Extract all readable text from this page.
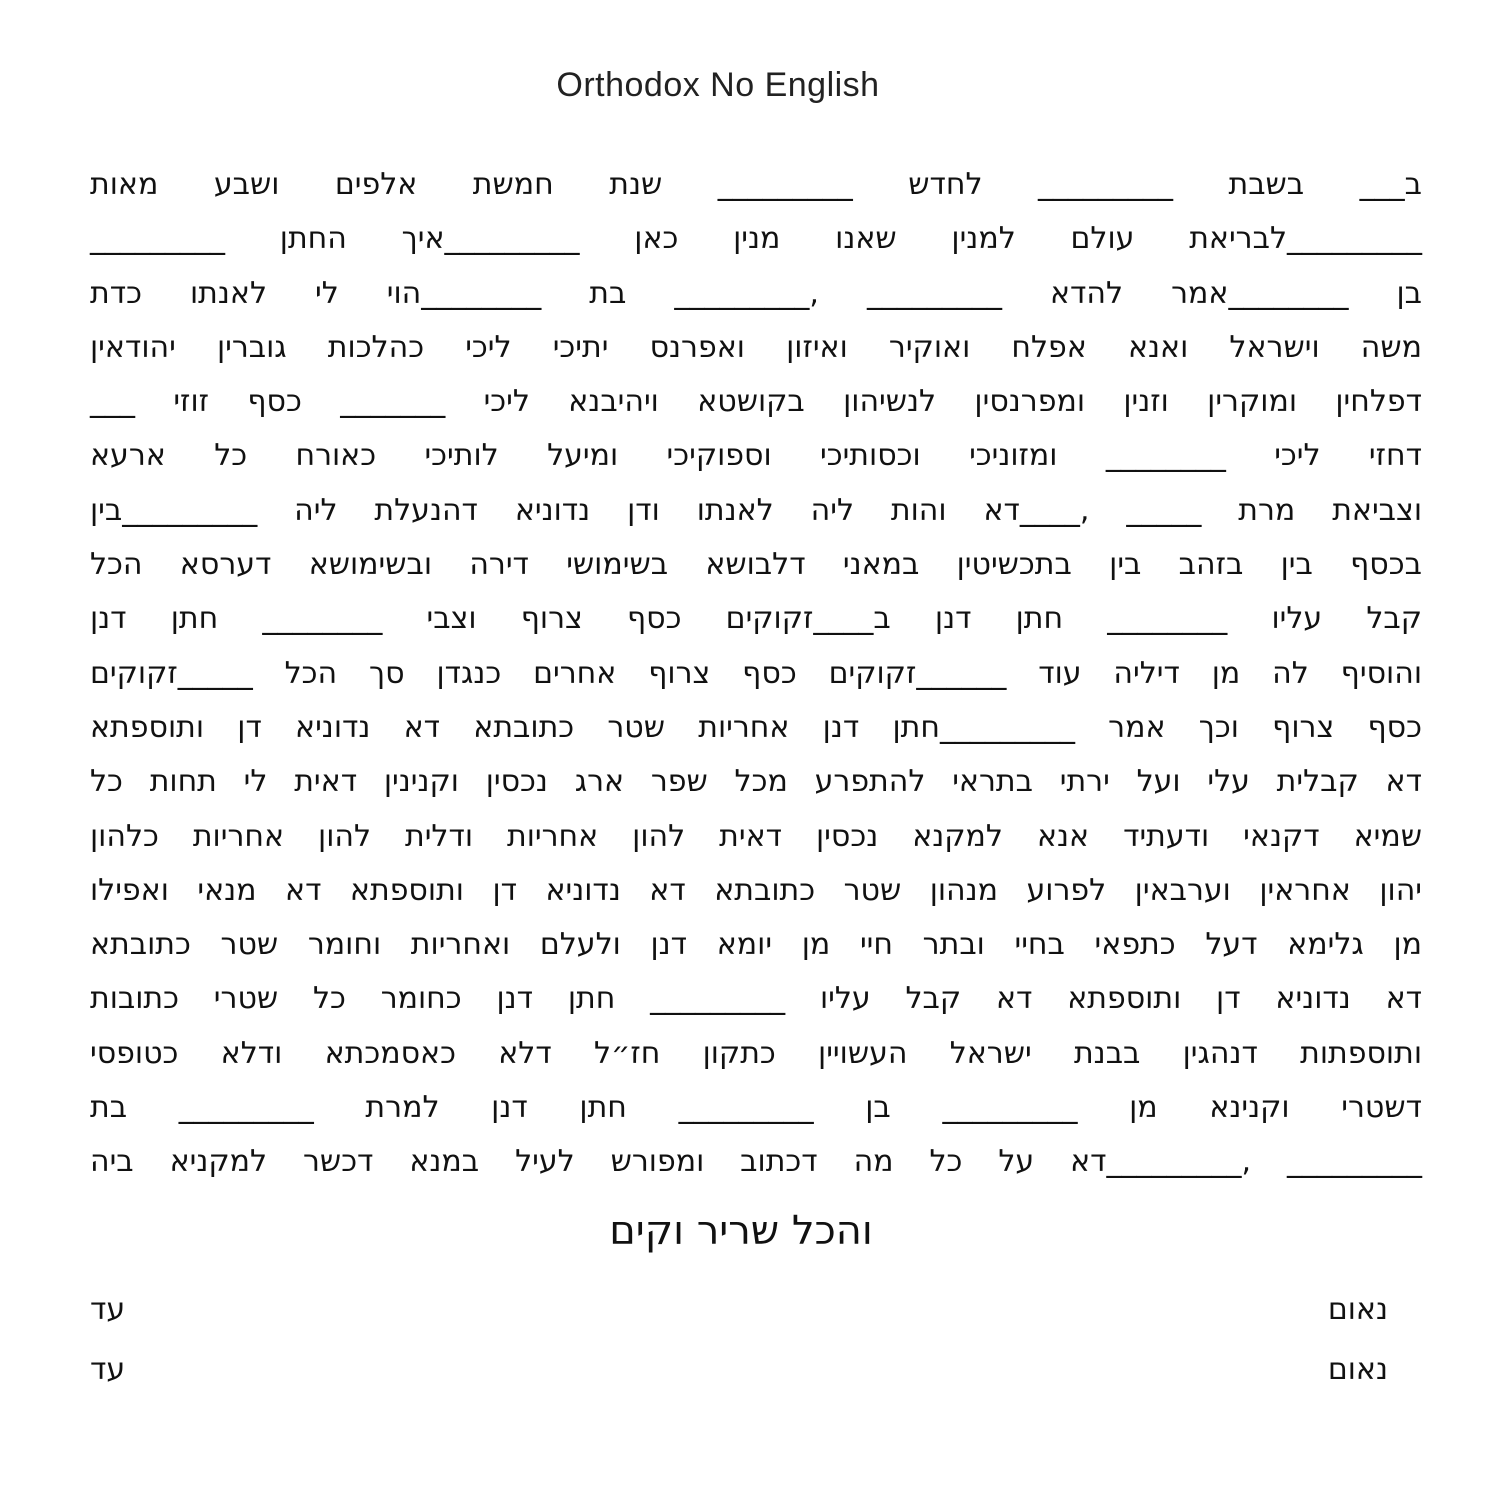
Orthodox No English
ב___ בשבת _________ לחדש _________ שנת חמשת אלפים ושבע מאות
_________לבריאת עולם למנין שאנו מנין כאן _________איך החתן _________
בן ________אמר להדא _________ ,_________ בת ________הוי לי לאנתו כדת
משה וישראל ואנא אפלח ואוקיר ואיזון ואפרנס יתיכי ליכי כהלכות גוברין יהודאין
דפלחין ומוקרין וזנין ומפרנסין לנשיהון בקושטא ויהיבנא ליכי _______ כסף זוזי ___
דחזי ליכי ________ ומזוניכי וכסותיכי וספוקיכי ומיעל לותיכי כאורח כל ארעא
וצביאת מרת _____ ,____דא והות ליה לאנתו ודן נדוניא דהנעלת ליה _________בין
בכסף בין בזהב בין בתכשיטין במאני דלבושא בשימושי דירה ובשימושא דערסא הכל
קבל עליו ________ חתן דנן ב____זקוקים כסף צרוף וצבי ________ חתן דנן
והוסיף לה מן דיליה עוד ______זקוקים כסף צרוף אחרים כנגדן סך הכל _____זקוקים
כסף צרוף וכך אמר _________חתן דנן אחריות שטר כתובתא דא נדוניא דן ותוספתא
דא קבלית עלי ועל ירתי בתראי להתפרע מכל שפר ארג נכסין וקנינין דאית לי תחות כל
שמיא דקנאי ודעתיד אנא למקנא נכסין דאית להון אחריות ודלית להון אחריות כלהון
יהון אחראין וערבאין לפרוע מנהון שטר כתובתא דא נדוניא דן ותוספתא דא מנאי ואפילו
מן גלימא דעל כתפאי בחיי ובתר חיי מן יומא דנן ולעלם ואחריות וחומר שטר כתובתא
דא נדוניא דן ותוספתא דא קבל עליו _________ חתן דנן כחומר כל שטרי כתובות
ותוספתות דנהגין בבנת ישראל העשויין כתקון חז״ל דלא כאסמכתא ודלא כטופסי
דשטרי וקנינא מן _________ בן _________ חתן דנן למרת _________ בת
_________ ,_________דא על כל מה דכתוב ומפורש לעיל במנא דכשר למקניא ביה
והכל שריר וקים
נאום
עד
נאום
עד
